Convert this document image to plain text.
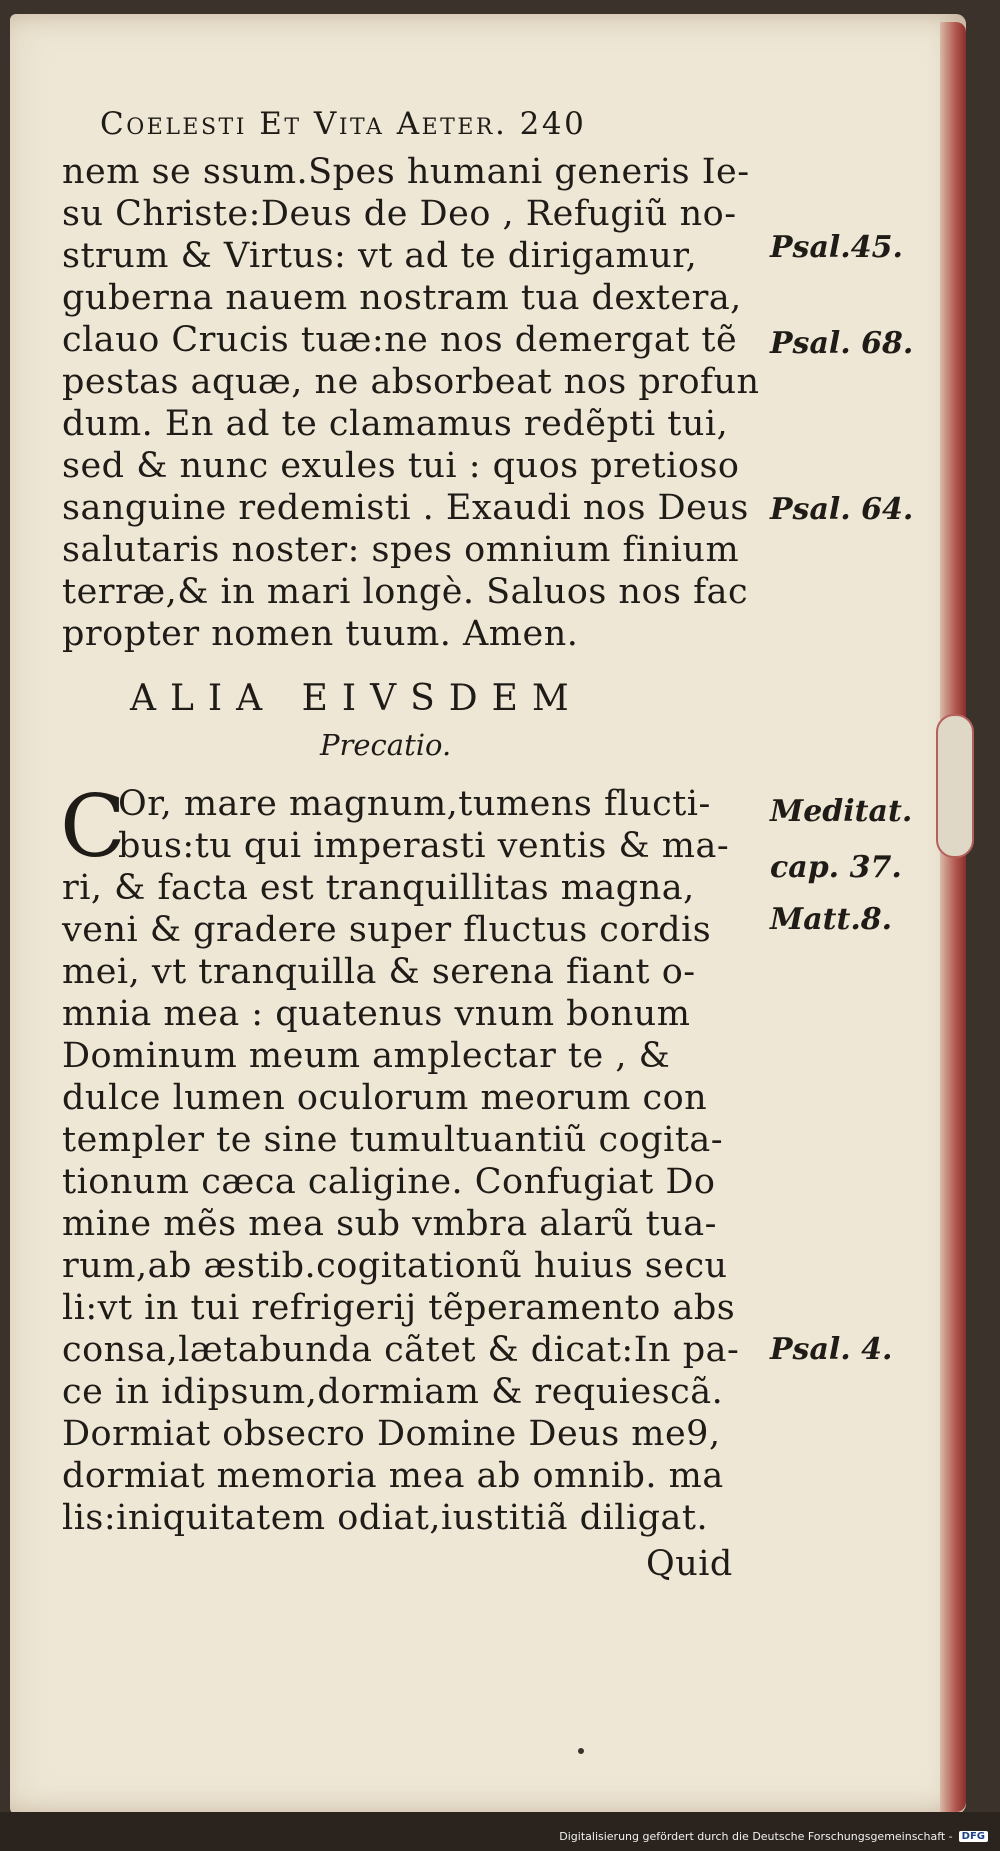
Coelesti Et Vita Aeter. 240
nem se ssum.Spes humani generis Ie-
su Christe:Deus de Deo , Refugiũ no-
strum & Virtus: vt ad te dirigamur,
guberna nauem nostram tua dextera,
clauo Crucis tuæ:ne nos demergat tẽ
pestas aquæ, ne absorbeat nos profun
dum. En ad te clamamus redẽpti tui,
sed & nunc exules tui : quos pretioso
sanguine redemisti . Exaudi nos Deus
salutaris noster: spes omnium finium
terræ,& in mari longè. Saluos nos fac
propter nomen tuum. Amen.
ALIA EIVSDEM
Precatio.
C
Or, mare magnum,tumens flucti-
bus:tu qui imperasti ventis & ma-
ri, & facta est tranquillitas magna,
veni & gradere super fluctus cordis
mei, vt tranquilla & serena fiant o-
mnia mea : quatenus vnum bonum
Dominum meum amplectar te , &
dulce lumen oculorum meorum con
templer te sine tumultuantiũ cogita-
tionum cæca caligine. Confugiat Do
mine mẽs mea sub vmbra alarũ tua-
rum,ab æstib.cogitationũ huius secu
li:vt in tui refrigerij tẽperamento abs
consa,lætabunda cãtet & dicat:In pa-
ce in idipsum,dormiam & requiescã.
Dormiat obsecro Domine Deus me9,
dormiat memoria mea ab omnib. ma
lis:iniquitatem odiat,iustitiã diligat.
Quid
Psal.45.
Psal. 68.
Psal. 64.
Meditat.
cap. 37.
Matt.8.
Psal. 4.
Digitalisierung gefördert durch die Deutsche Forschungsgemeinschaft - DFG
